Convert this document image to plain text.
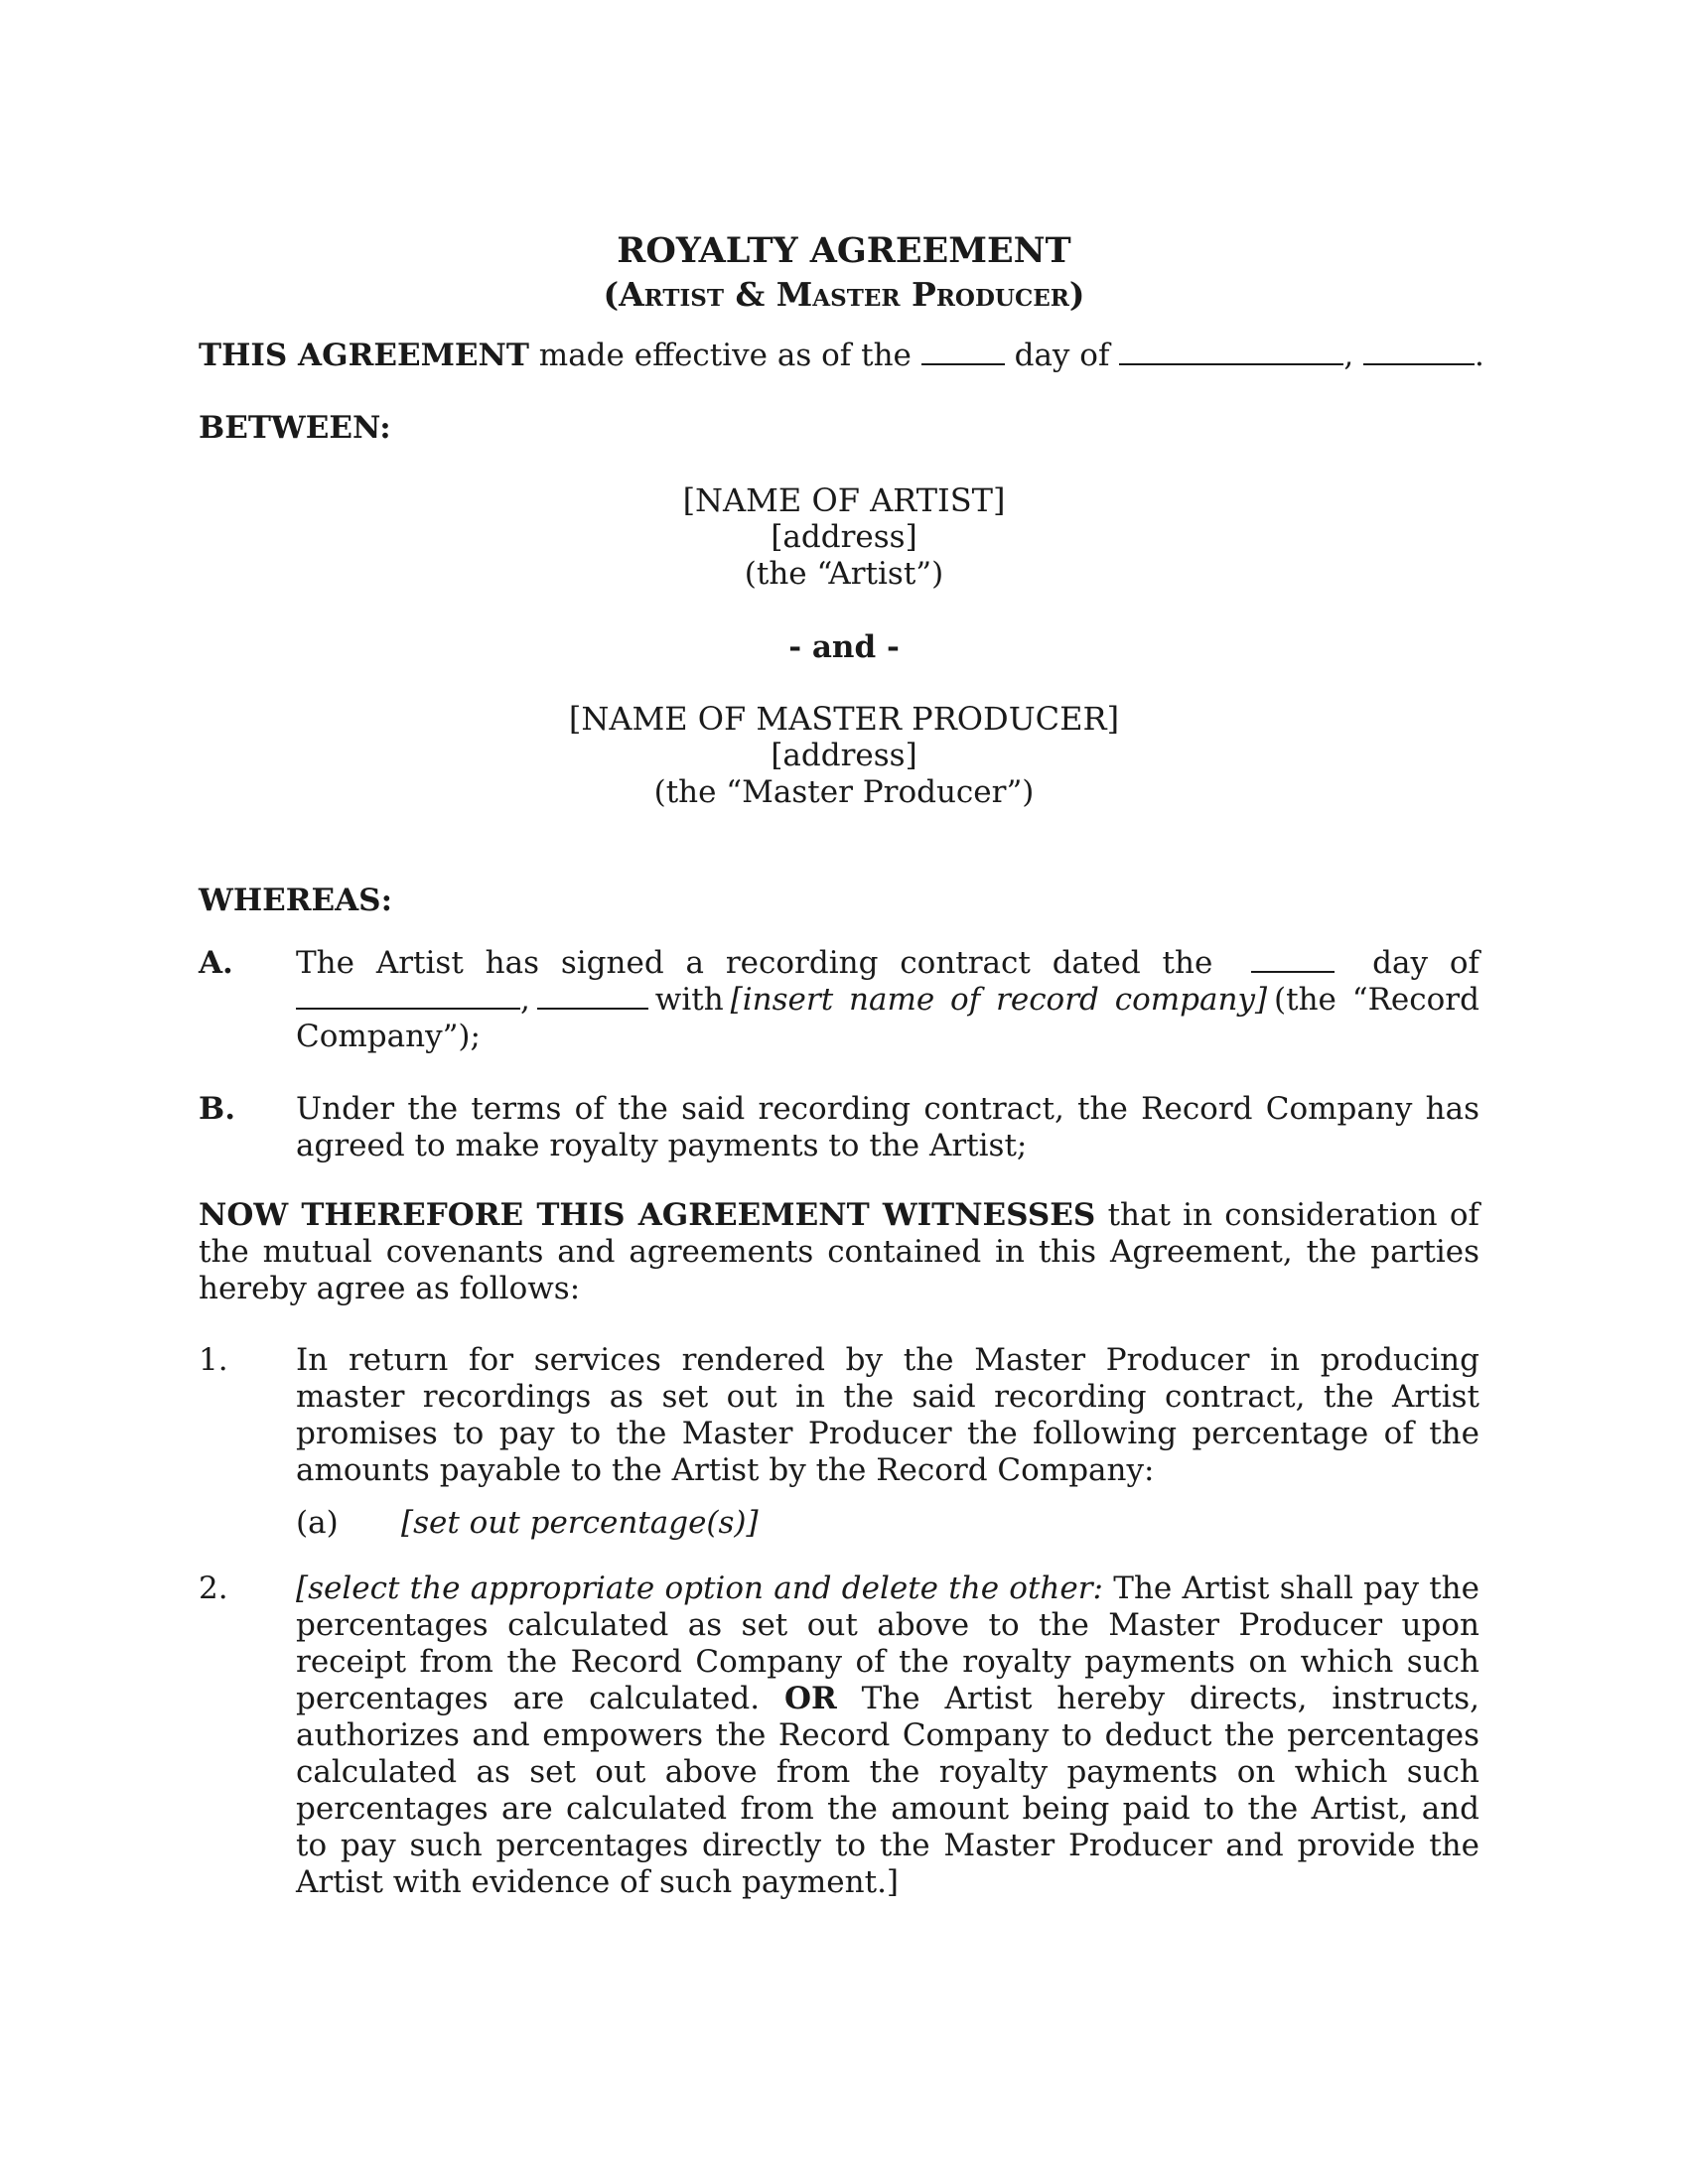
ROYALTY AGREEMENT
(Artist & Master Producer)
THIS AGREEMENT made effective as of the	day of	,	.
BETWEEN:
[NAME OF ARTIST]
[address]
(the “Artist”)
- and -
[NAME OF MASTER PRODUCER]
[address]
(the “Master Producer”)
WHEREAS:
A. The Artist has signed a recording contract dated the	day of
,	with [insert name of record company] (the “Record
Company”);
B. Under the terms of the said recording contract, the Record Company has agreed to make royalty payments to the Artist;
NOW THEREFORE THIS AGREEMENT WITNESSES that in consideration of the mutual covenants and agreements contained in this Agreement, the parties hereby agree as follows:
1. In return for services rendered by the Master Producer in producing master recordings as set out in the said recording contract, the Artist promises to pay to the Master Producer the following percentage of the amounts payable to the Artist by the Record Company:
(a) [set out percentage(s)]
2. [select the appropriate option and delete the other: The Artist shall pay the percentages calculated as set out above to the Master Producer upon receipt from the Record Company of the royalty payments on which such percentages are calculated. OR The Artist hereby directs, instructs, authorizes and empowers the Record Company to deduct the percentages calculated as set out above from the royalty payments on which such percentages are calculated from the amount being paid to the Artist, and to pay such percentages directly to the Master Producer and provide the Artist with evidence of such payment.]
